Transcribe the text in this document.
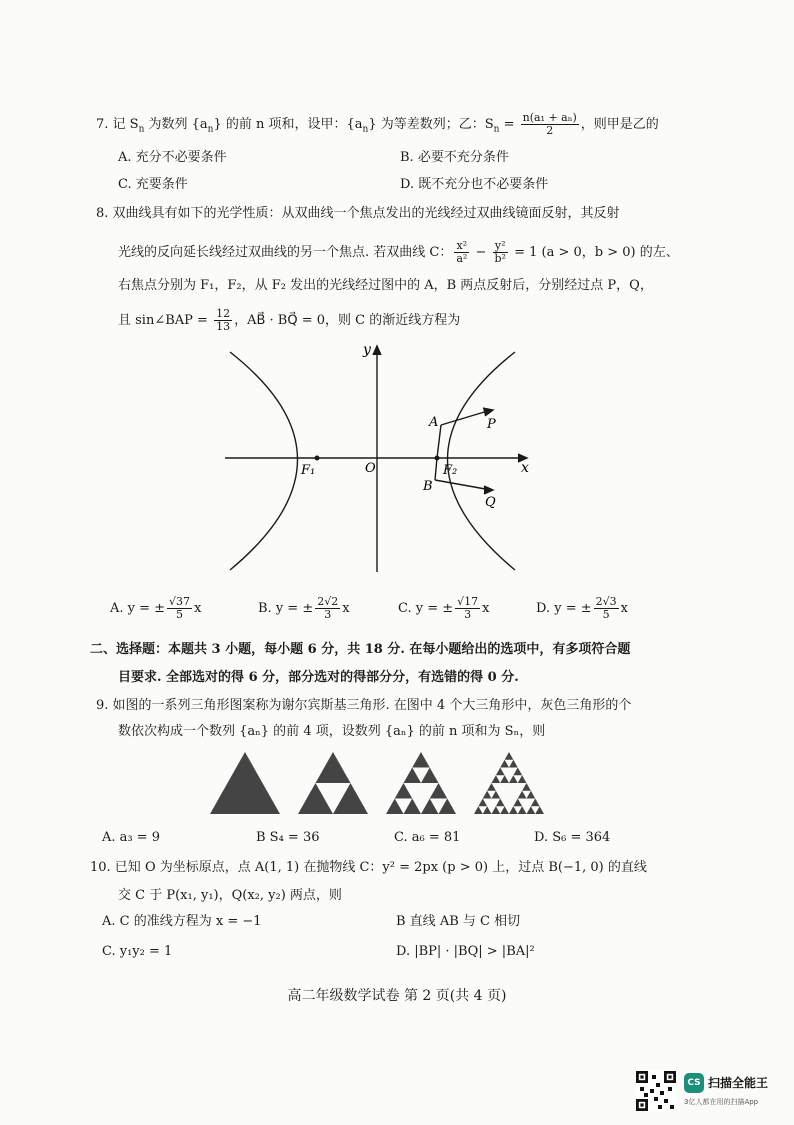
7. 记 $S_n$ 为数列 $\{a_n\}$ 的前 n 项和，设甲：$\{a_n\}$ 为等差数列；乙：$S_n = \frac{\text{n(a₁ + aₙ)}}{2}$ ，则甲是乙的
A. 充分不必要条件	B. 必要不充分条件
C. 充要条件	D. 既不充分也不必要条件
8. 双曲线具有如下的光学性质：从双曲线一个焦点发出的光线经过双曲线镜面反射，其反射
光线的反向延长线经过双曲线的另一个焦点. 若双曲线 C： $\frac{\text{x²}}{\text{a²}} - \frac{\text{y²}}{\text{b²}} = 1$ (a > 0，b > 0) 的左、
右焦点分别为 F₁，F₂，从 F₂ 发出的光线经过图中的 A，B 两点反射后，分别经过点 P，Q，
且 sin∠BAP = $\frac{12}{13}$ ，AB⃗ · BQ⃗ = 0，则 C 的渐近线方程为
y
x
O
F₁	F₂
A
B
P
Q
A. y = ± $\frac{√37}{5}$ x	B. y = ± $\frac{2√2}{3}$ x	C. y = ± $\frac{√17}{3}$ x	D. y = ± $\frac{2√3}{5}$ x
二、选择题：本题共 3 小题，每小题 6 分，共 18 分. 在每小题给出的选项中，有多项符合题
目要求. 全部选对的得 6 分，部分选对的得部分分，有选错的得 0 分.
9. 如图的一系列三角形图案称为谢尔宾斯基三角形. 在图中 4 个大三角形中，灰色三角形的个
数依次构成一个数列 {aₙ} 的前 4 项，设数列 {aₙ} 的前 n 项和为 Sₙ，则
A. a₃ = 9	B S₄ = 36	C. a₆ = 81	D. S₆ = 364
10. 已知 O 为坐标原点，点 A(1, 1) 在抛物线 C：y² = 2px (p > 0) 上，过点 B(−1, 0) 的直线
交 C 于 P(x₁, y₁)，Q(x₂, y₂) 两点，则
A. C 的准线方程为 x = −1	B 直线 AB 与 C 相切
C. y₁y₂ = 1	D. |BP| · |BQ| > |BA|²
高二年级数学试卷 第 2 页(共 4 页)
CS 扫描全能王
3亿人都在用的扫描App
